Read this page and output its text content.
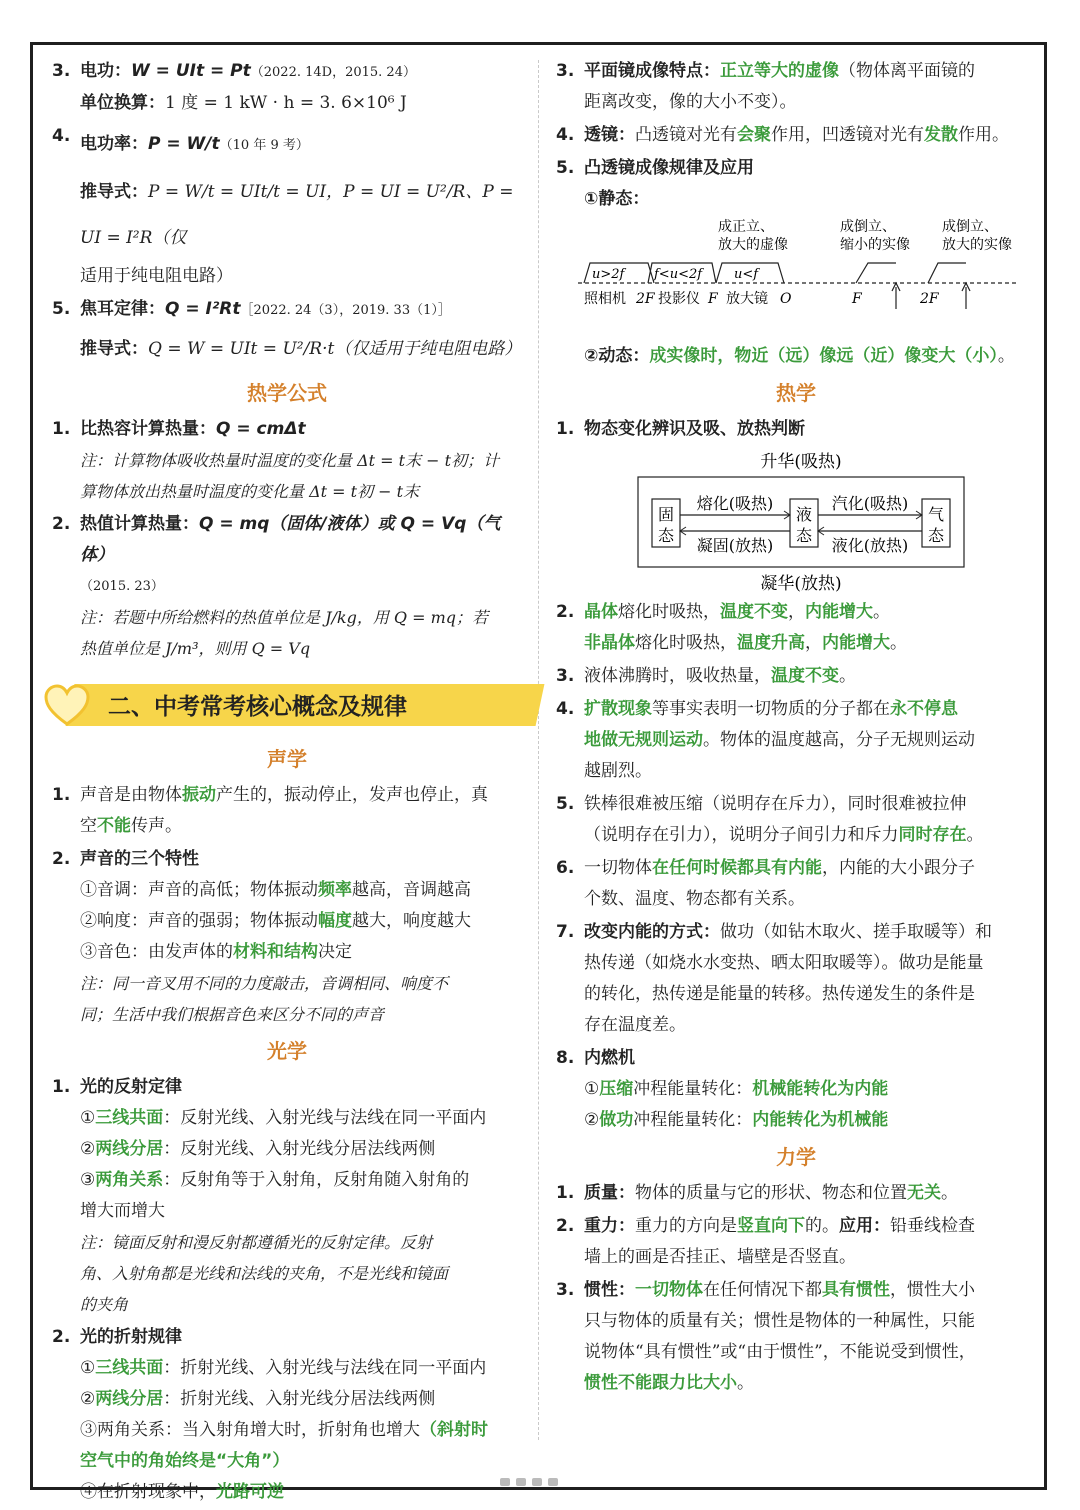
3. 电功：W = UIt = Pt（2022. 14D，2015. 24）
单位换算：1 度 = 1 kW · h = 3. 6×10⁶ J
4. 电功率：P = W/t（10 年 9 考）
推导式：P = W/t = UIt/t = UI，P = UI = U²/R、P = UI = I²R（仅
适用于纯电阻电路）
5. 焦耳定律：Q = I²Rt［2022. 24（3），2019. 33（1）］
推导式：Q = W = UIt = U²/R·t（仅适用于纯电阻电路）
热学公式
1. 比热容计算热量：Q = cmΔt
注：计算物体吸收热量时温度的变化量 Δt = t末 − t初；计
算物体放出热量时温度的变化量 Δt = t初 − t末
2. 热值计算热量：Q = mq（固体/液体）或 Q = Vq（气体）
（2015. 23）
注：若题中所给燃料的热值单位是 J/kg，用 Q = mq；若
热值单位是 J/m³，则用 Q = Vq
二、中考常考核心概念及规律
声学
1. 声音是由物体振动产生的，振动停止，发声也停止，真
空不能传声。
2. 声音的三个特性
①音调：声音的高低；物体振动频率越高，音调越高
②响度：声音的强弱；物体振动幅度越大，响度越大
③音色：由发声体的材料和结构决定
注：同一音叉用不同的力度敲击，音调相同、响度不
同；生活中我们根据音色来区分不同的声音
光学
1. 光的反射定律
①三线共面：反射光线、入射光线与法线在同一平面内
②两线分居：反射光线、入射光线分居法线两侧
③两角关系：反射角等于入射角，反射角随入射角的
增大而增大
注：镜面反射和漫反射都遵循光的反射定律。反射
角、入射角都是光线和法线的夹角，不是光线和镜面
的夹角
2. 光的折射规律
①三线共面：折射光线、入射光线与法线在同一平面内
②两线分居：折射光线、入射光线分居法线两侧
③两角关系：当入射角增大时，折射角也增大（斜射时
空气中的角始终是“大角”）
④在折射现象中，光路可逆
3. 平面镜成像特点：正立等大的虚像（物体离平面镜的
距离改变，像的大小不变）。
4. 透镜：凸透镜对光有会聚作用，凹透镜对光有发散作用。
5. 凸透镜成像规律及应用
①静态：
成正立、
放大的虚像
成倒立、
缩小的实像
成倒立、
放大的实像
u>2f f<u<2f u<f
照相机 2F 投影仪 F 放大镜 O	F	2F
②动态：成实像时，物近（远）像远（近）像变大（小）。
热学
1. 物态变化辨识及吸、放热判断
升华(吸热)
凝华(放热)
固
态
液
态
气
态
熔化(吸热)
凝固(放热)
汽化(吸热)
液化(放热)
2. 晶体熔化时吸热，温度不变，内能增大。
非晶体熔化时吸热，温度升高，内能增大。
3. 液体沸腾时，吸收热量，温度不变。
4. 扩散现象等事实表明一切物质的分子都在永不停息
地做无规则运动。物体的温度越高，分子无规则运动
越剧烈。
5. 铁棒很难被压缩（说明存在斥力），同时很难被拉伸
（说明存在引力），说明分子间引力和斥力同时存在。
6. 一切物体在任何时候都具有内能，内能的大小跟分子
个数、温度、物态都有关系。
7. 改变内能的方式：做功（如钻木取火、搓手取暖等）和
热传递（如烧水水变热、晒太阳取暖等）。做功是能量
的转化，热传递是能量的转移。热传递发生的条件是
存在温度差。
8. 内燃机
①压缩冲程能量转化：机械能转化为内能
②做功冲程能量转化：内能转化为机械能
力学
1. 质量：物体的质量与它的形状、物态和位置无关。
2. 重力：重力的方向是竖直向下的。应用：铅垂线检查
墙上的画是否挂正、墙壁是否竖直。
3. 惯性：一切物体在任何情况下都具有惯性，惯性大小
只与物体的质量有关；惯性是物体的一种属性，只能
说物体“具有惯性”或“由于惯性”，不能说受到惯性，
惯性不能跟力比大小。
